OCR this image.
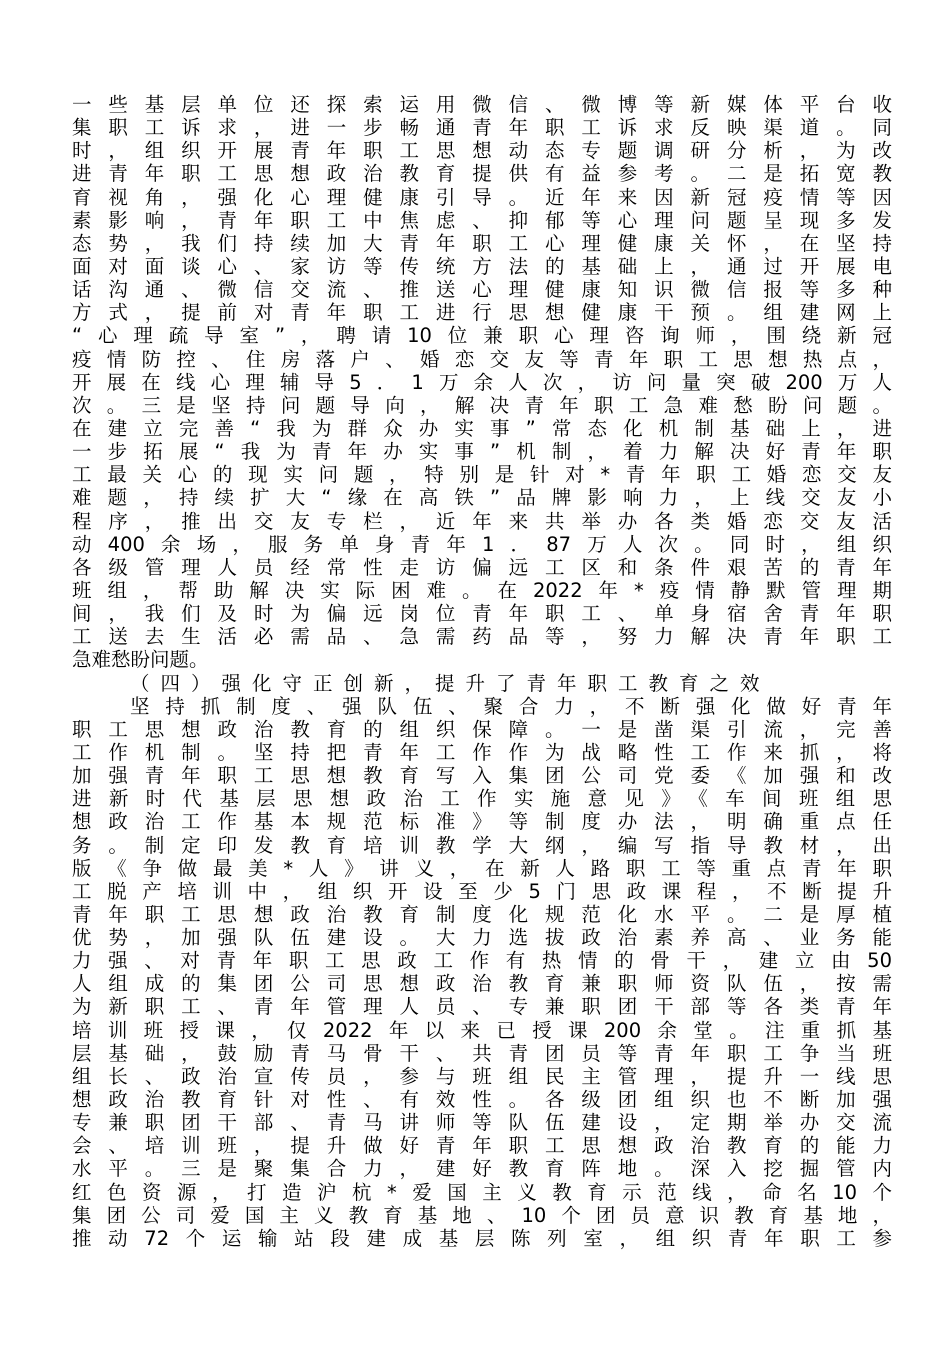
一些基层单位还探索运用微信、微博等新媒体平台收
集职工诉求，进一步畅通青年职工诉求反映渠道。同
时，组织开展青年职工思想动态专题调研分析，为改
进青年职工思想政治教育提供有益参考。二是拓宽教
育视角，强化心理健康引导。近年来因新冠疫情等因
素影响，青年职工中焦虑、抑郁等心理问题呈现多发
态势，我们持续加大青年职工心理健康关怀，在坚持
面对面谈心、家访等传统方法的基础上，通过开展电
话沟通、微信交流、推送心理健康知识微信报等多种
方式，提前对青年职工进行思想健康干预。组建网上
“心理疏导室”，聘请10位兼职心理咨询师，围绕新冠
疫情防控、住房落户、婚恋交友等青年职工思想热点，
开展在线心理辅导5．1万余人次，访问量突破200万人
次。三是坚持问题导向，解决青年职工急难愁盼问题。
在建立完善“我为群众办实事”常态化机制基础上，进
一步拓展“我为青年办实事”机制，着力解决好青年职
工最关心的现实问题，特别是针对*青年职工婚恋交友
难题，持续扩大“缘在高铁”品牌影响力，上线交友小
程序，推出交友专栏，近年来共举办各类婚恋交友活
动400余场，服务单身青年1．87万人次。同时，组织
各级管理人员经常性走访偏远工区和条件艰苦的青年
班组，帮助解决实际困难。在2022年*疫情静默管理期
间，我们及时为偏远岗位青年职工、单身宿舍青年职
工送去生活必需品、急需药品等，努力解决青年职工
急难愁盼问题。
（四）强化守正创新，提升了青年职工教育之效
坚持抓制度、强队伍、聚合力，不断强化做好青年
职工思想政治教育的组织保障。一是凿渠引流，完善
工作机制。坚持把青年工作作为战略性工作来抓，将
加强青年职工思想教育写入集团公司党委《加强和改
进新时代基层思想政治工作实施意见》《车间班组思
想政治工作基本规范标准》等制度办法，明确重点任
务。制定印发教育培训教学大纲，编写指导教材，出
版《争做最美*人》讲义，在新人路职工等重点青年职
工脱产培训中，组织开设至少5门思政课程，不断提升
青年职工思想政治教育制度化规范化水平。二是厚植
优势，加强队伍建设。大力选拔政治素养高、业务能
力强、对青年职工思政工作有热情的骨干，建立由50
人组成的集团公司思想政治教育兼职师资队伍，按需
为新职工、青年管理人员、专兼职团干部等各类青年
培训班授课，仅2022年以来已授课200余堂。注重抓基
层基础，鼓励青马骨干、共青团员等青年职工争当班
组长、政治宣传员，参与班组民主管理，提升一线思
想政治教育针对性、有效性。各级团组织也不断加强
专兼职团干部、青马讲师等队伍建设，定期举办交流
会、培训班，提升做好青年职工思想政治教育的能力
水平。三是聚集合力，建好教育阵地。深入挖掘管内
红色资源，打造沪杭*爱国主义教育示范线，命名10个
集团公司爱国主义教育基地、10个团员意识教育基地，
推动72个运输站段建成基层陈列室，组织青年职工参
